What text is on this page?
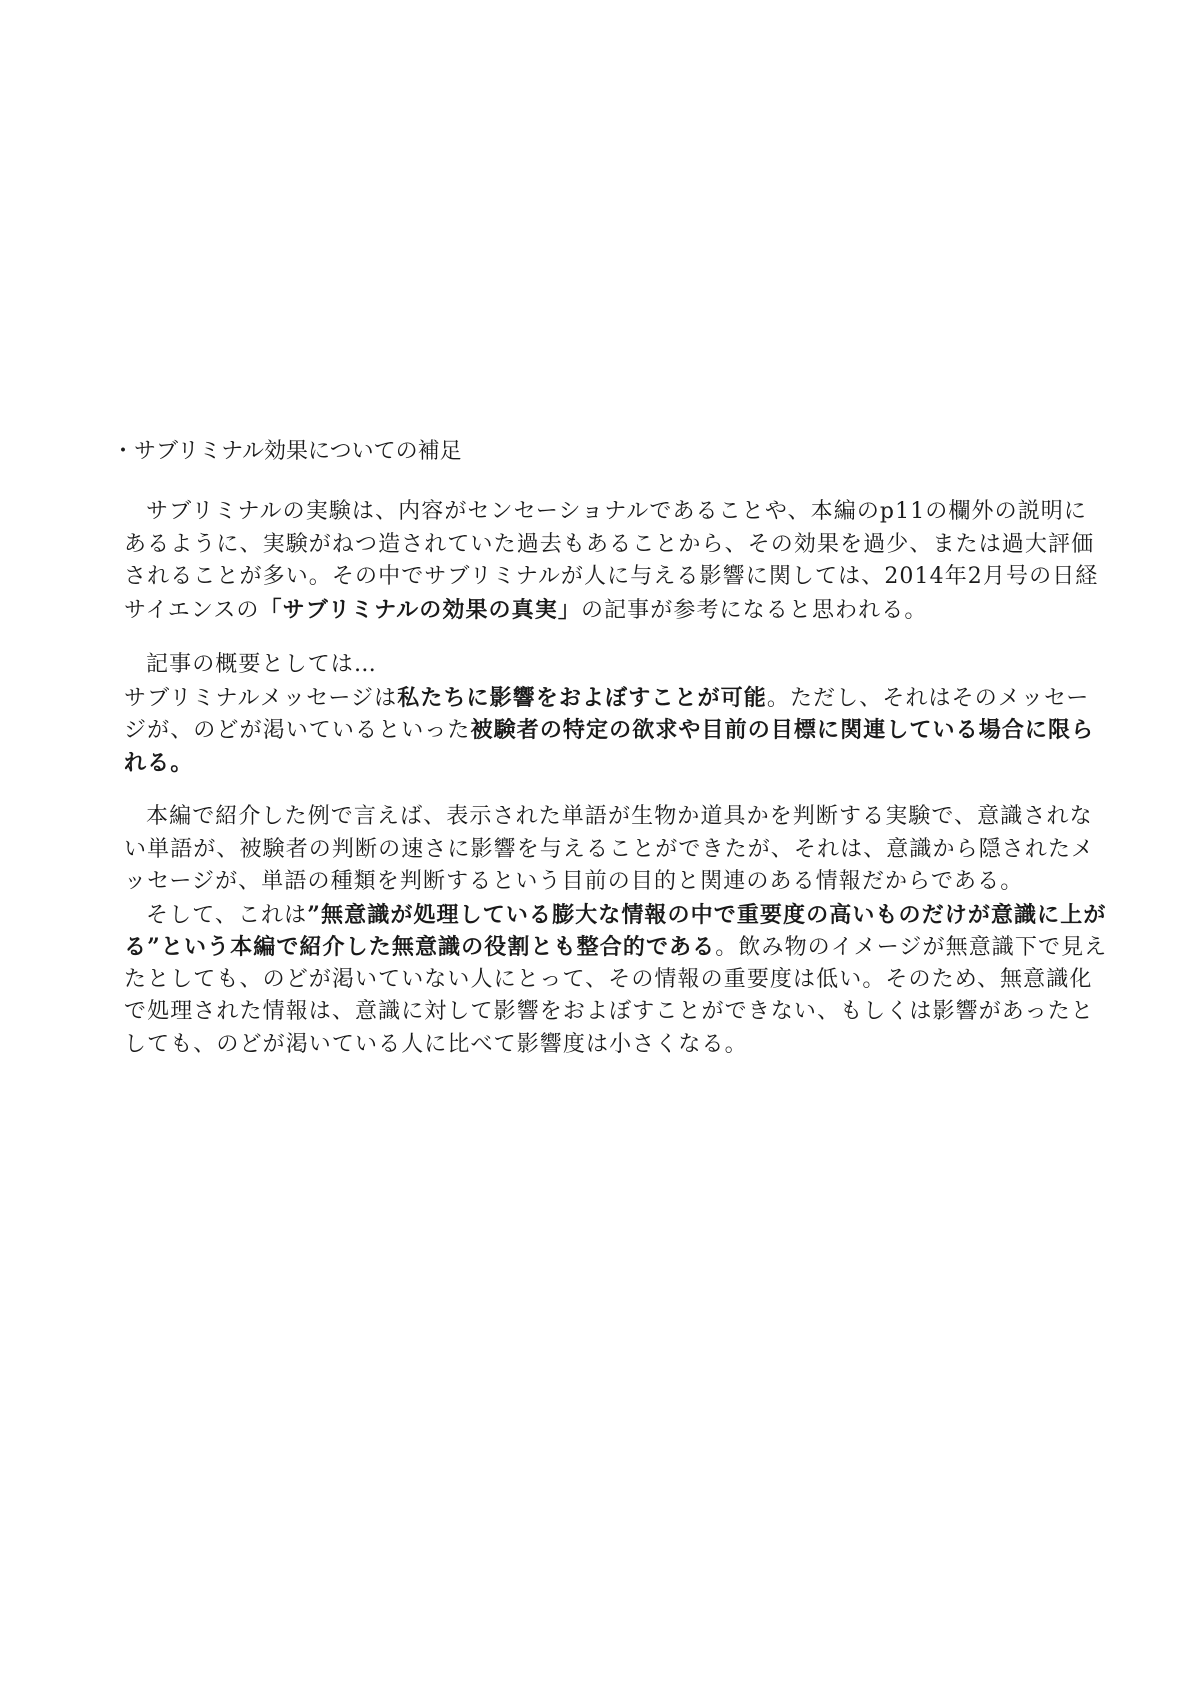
・サブリミナル効果についての補足
サブリミナルの実験は、内容がセンセーショナルであることや、本編のp11の欄外の説明に
あるように、実験がねつ造されていた過去もあることから、その効果を過少、または過大評価
されることが多い。その中でサブリミナルが人に与える影響に関しては、2014年2月号の日経
サイエンスの「サブリミナルの効果の真実」の記事が参考になると思われる。
記事の概要としては…
サブリミナルメッセージは私たちに影響をおよぼすことが可能。ただし、それはそのメッセー
ジが、のどが渇いているといった被験者の特定の欲求や目前の目標に関連している場合に限ら
れる。
本編で紹介した例で言えば、表示された単語が生物か道具かを判断する実験で、意識されな
い単語が、被験者の判断の速さに影響を与えることができたが、それは、意識から隠されたメ
ッセージが、単語の種類を判断するという目前の目的と関連のある情報だからである。
そして、これは”無意識が処理している膨大な情報の中で重要度の高いものだけが意識に上が
る”という本編で紹介した無意識の役割とも整合的である。飲み物のイメージが無意識下で見え
たとしても、のどが渇いていない人にとって、その情報の重要度は低い。そのため、無意識化
で処理された情報は、意識に対して影響をおよぼすことができない、もしくは影響があったと
しても、のどが渇いている人に比べて影響度は小さくなる。
